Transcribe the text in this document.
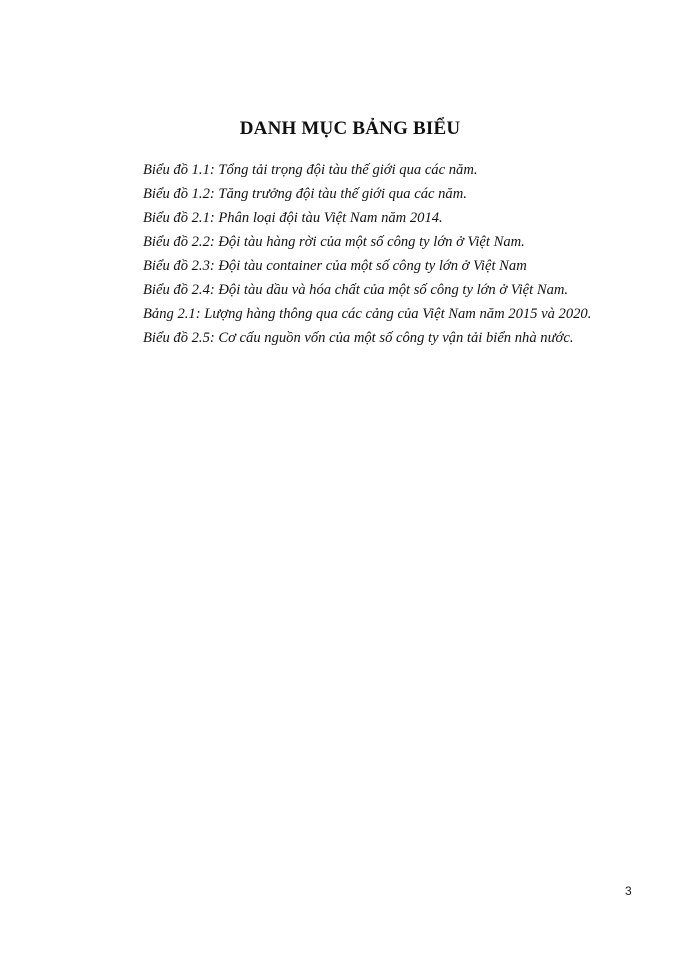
DANH MỤC BẢNG BIỂU
Biểu đồ 1.1: Tổng tải trọng đội tàu thế giới qua các năm.
Biểu đồ 1.2: Tăng trưởng đội tàu thế giới qua các năm.
Biểu đồ 2.1: Phân loại đội tàu Việt Nam năm 2014.
Biểu đồ 2.2: Đội tàu hàng rời của một số công ty lớn ở Việt Nam.
Biểu đồ 2.3: Đội tàu container của một số công ty lớn ở Việt Nam
Biểu đồ 2.4: Đội tàu dầu và hóa chất của một số công ty lớn ở Việt Nam.
Bảng 2.1: Lượng hàng thông qua các cảng của Việt Nam năm 2015 và 2020.
Biểu đồ 2.5: Cơ cấu nguồn vốn của một số công ty vận tải biển nhà nước.
3
